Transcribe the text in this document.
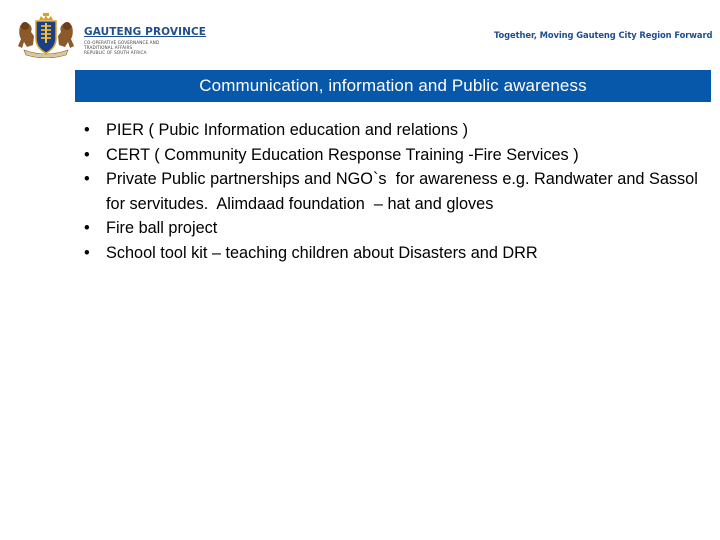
GAUTENG PROVINCE
CO-OPERATIVE GOVERNANCE AND
TRADITIONAL AFFAIRS
REPUBLIC OF SOUTH AFRICA
Together, Moving Gauteng City Region Forward
Communication, information and Public awareness
• PIER ( Pubic Information education and relations )
• CERT ( Community Education Response Training -Fire Services )
• Private Public partnerships and NGO`s  for awareness e.g. Randwater and Sassol for servitudes.  Alimdaad foundation  – hat and gloves
• Fire ball project
• School tool kit – teaching children about Disasters and DRR
